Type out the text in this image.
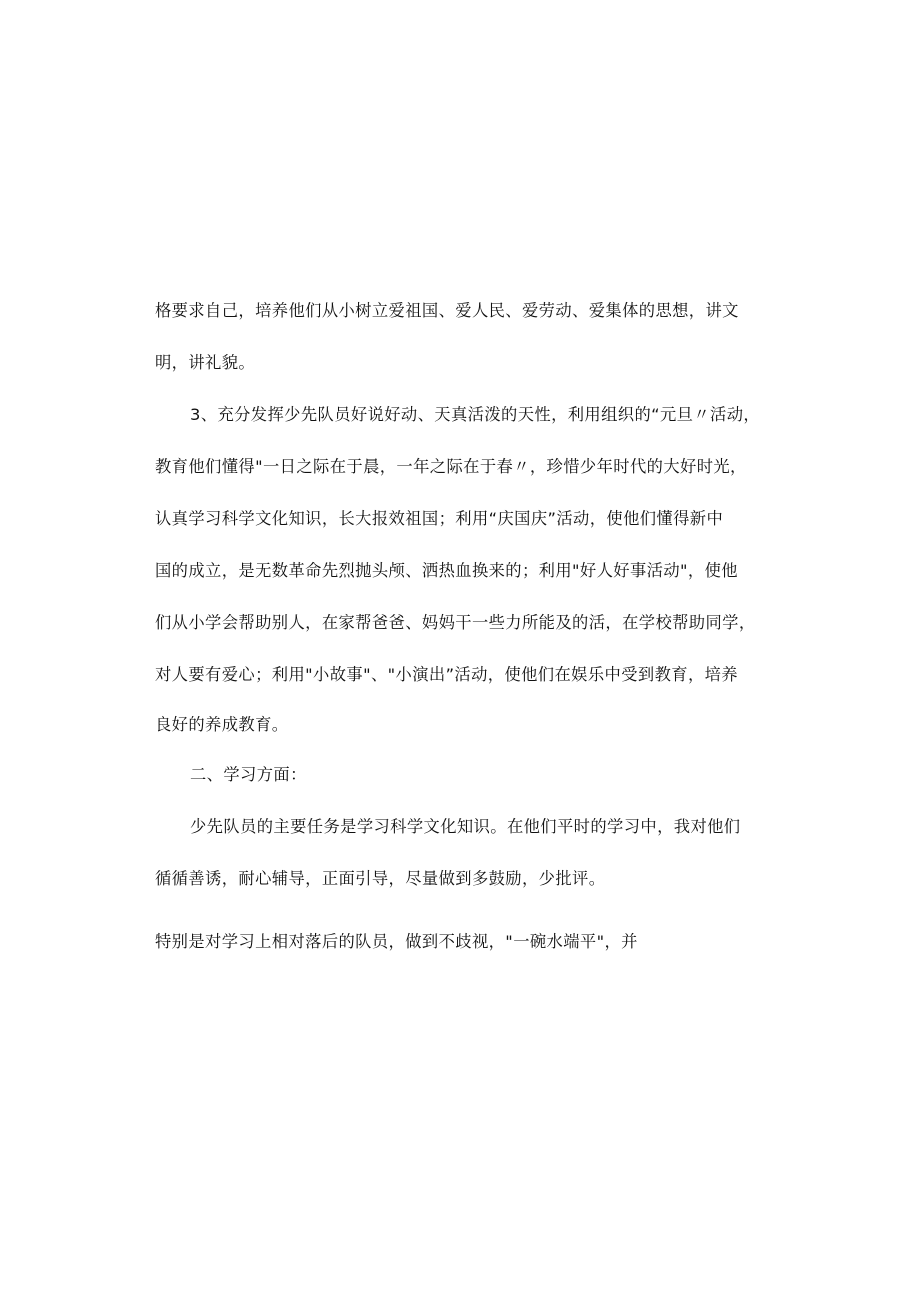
格要求自己，培养他们从小树立爱祖国、爱人民、爱劳动、爱集体的思想，讲文
明，讲礼貌。
3、充分发挥少先队员好说好动、天真活泼的天性，利用组织的“元旦〃活动，
教育他们懂得"一日之际在于晨，一年之际在于春〃，珍惜少年时代的大好时光，
认真学习科学文化知识，长大报效祖国；利用“庆国庆”活动，使他们懂得新中
国的成立，是无数革命先烈抛头颅、洒热血换来的；利用"好人好事活动"，使他
们从小学会帮助别人，在家帮爸爸、妈妈干一些力所能及的活，在学校帮助同学，
对人要有爱心；利用"小故事"、"小演出”活动，使他们在娱乐中受到教育，培养
良好的养成教育。
二、学习方面：
少先队员的主要任务是学习科学文化知识。在他们平时的学习中，我对他们
循循善诱，耐心辅导，正面引导，尽量做到多鼓励，少批评。
特别是对学习上相对落后的队员，做到不歧视，"一碗水端平"，并
